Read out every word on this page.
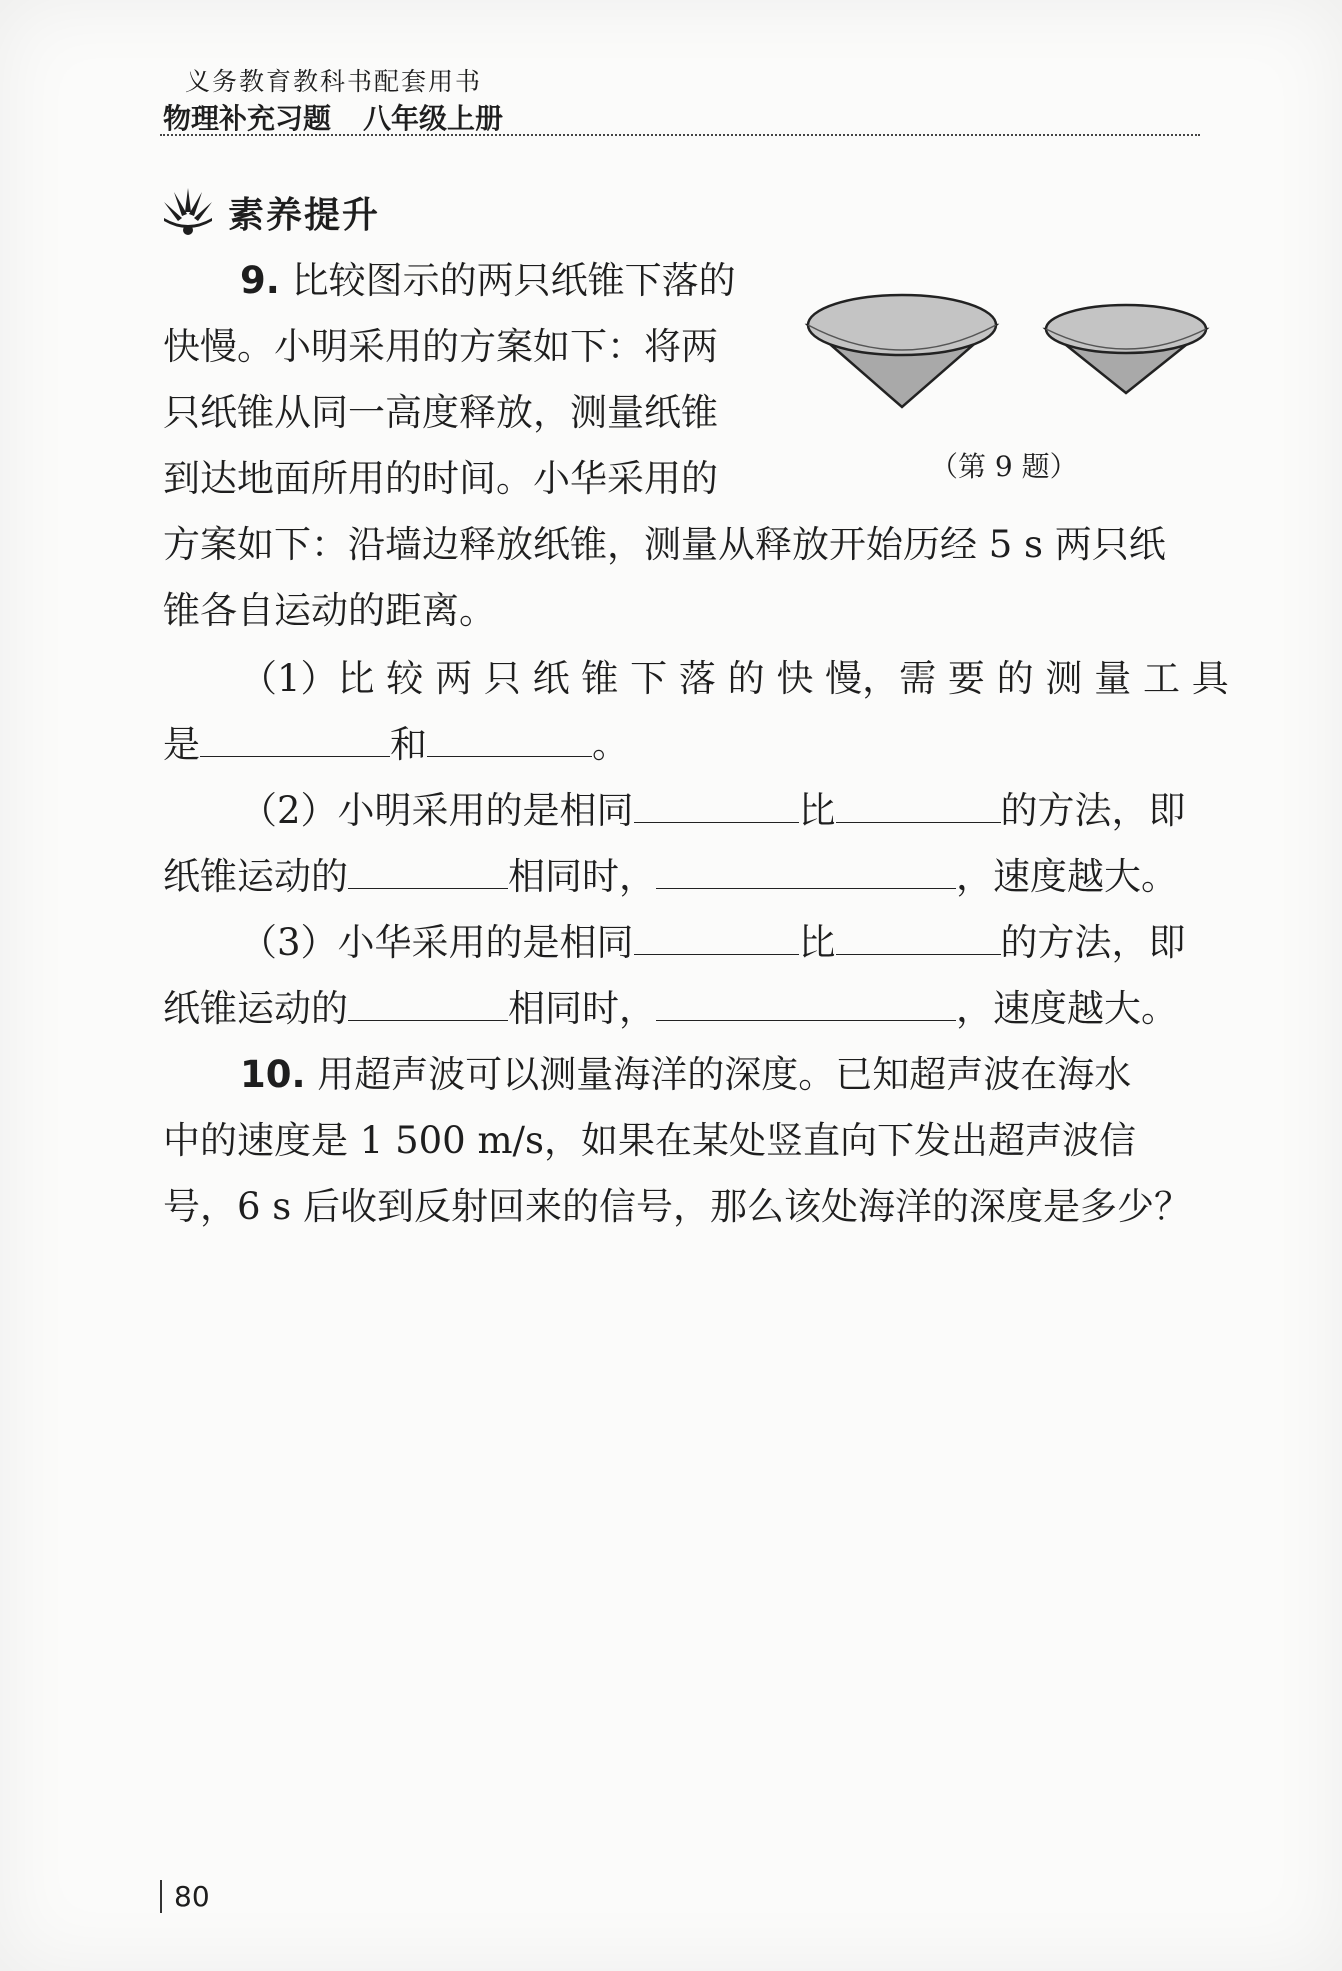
义务教育教科书配套用书
物理补充习题 八年级上册
素养提升
9. 比较图示的两只纸锥下落的
快慢。小明采用的方案如下：将两
只纸锥从同一高度释放，测量纸锥
到达地面所用的时间。小华采用的
方案如下：沿墙边释放纸锥，测量从释放开始历经 5 s 两只纸
锥各自运动的距离。
（第 9 题）
（1）比 较 两 只 纸 锥 下 落 的 快 慢，需 要 的 测 量 工 具
是	和	。
（2）小明采用的是相同	比	的方法，即
纸锥运动的	相同时，	，速度越大。
（3）小华采用的是相同	比	的方法，即
纸锥运动的	相同时，	，速度越大。
10. 用超声波可以测量海洋的深度。已知超声波在海水
中的速度是 1 500 m/s，如果在某处竖直向下发出超声波信
号，6 s 后收到反射回来的信号，那么该处海洋的深度是多少？
80
